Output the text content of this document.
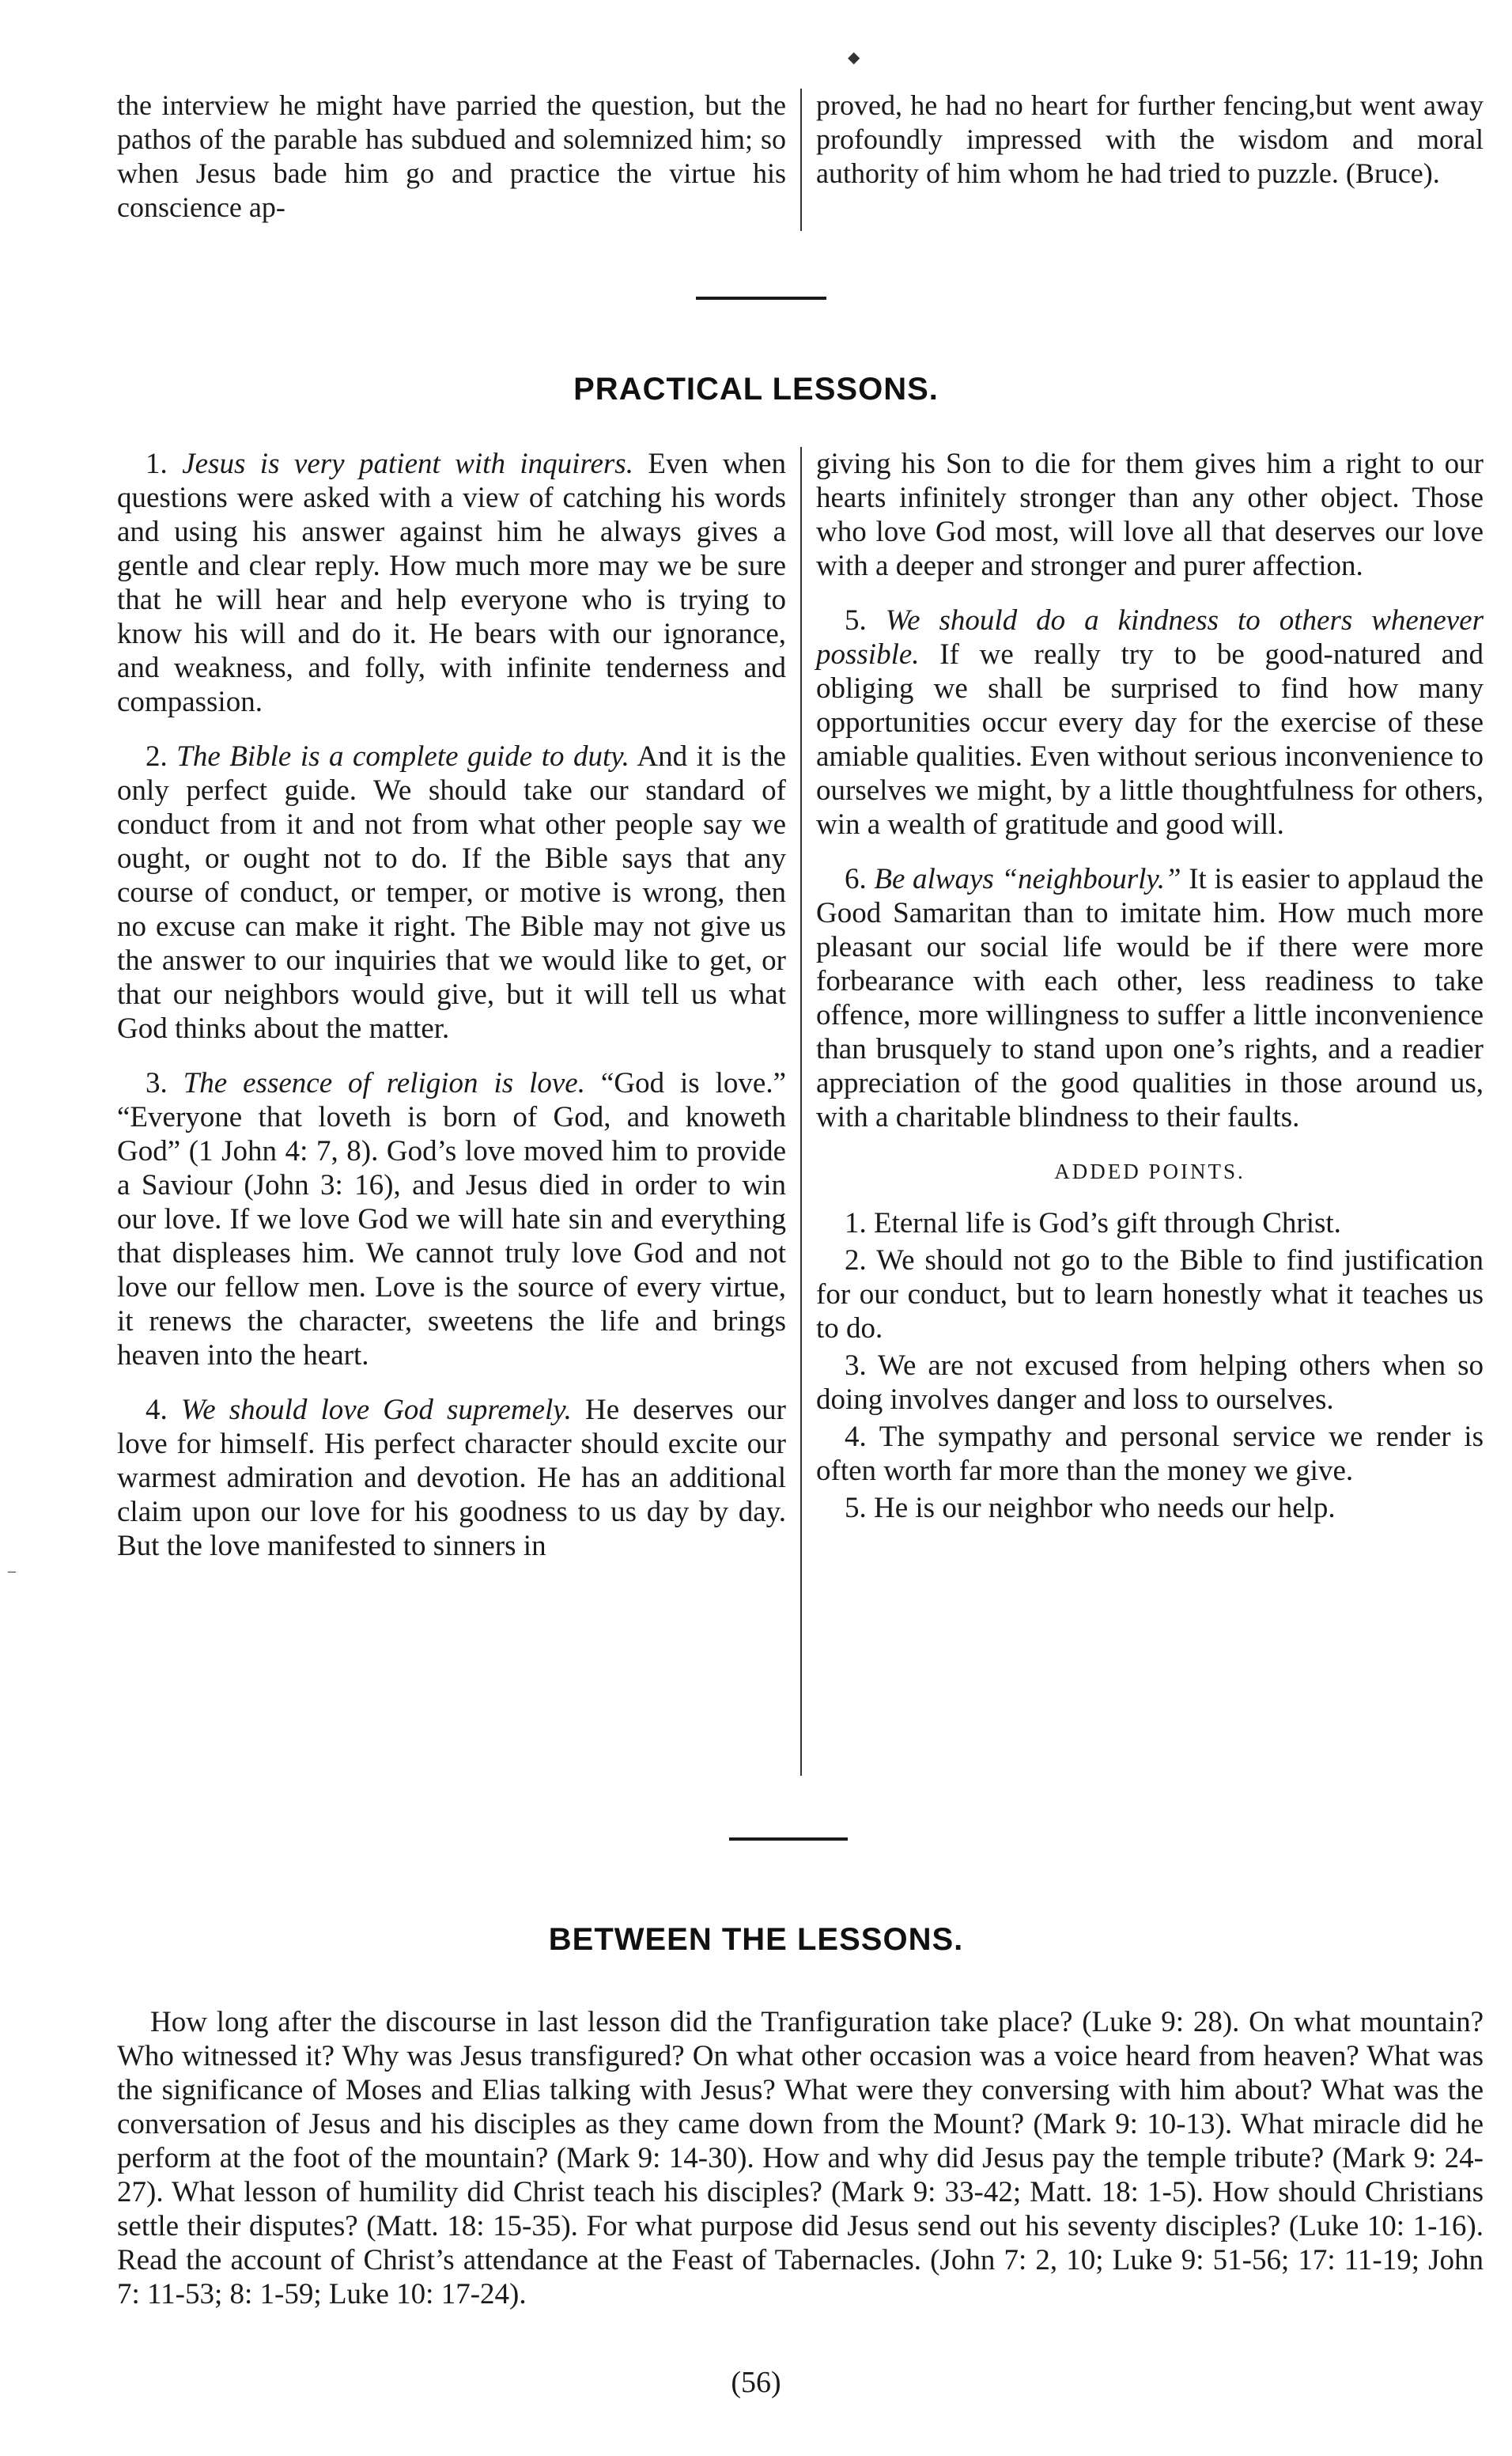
◆
–
the interview he might have parried the question, but the pathos of the parable has subdued and solemnized him; so when Jesus bade him go and practice the virtue his conscience ap-
proved, he had no heart for further fencing,but went away profoundly impressed with the wisdom and moral authority of him whom he had tried to puzzle. (Bruce).
PRACTICAL LESSONS.

1. Jesus is very patient with inquirers. Even when questions were asked with a view of catching his words and using his answer against him he always gives a gentle and clear reply. How much more may we be sure that he will hear and help everyone who is trying to know his will and do it. He bears with our ignorance, and weakness, and folly, with infinite tenderness and compassion.

2. The Bible is a complete guide to duty. And it is the only perfect guide. We should take our standard of conduct from it and not from what other people say we ought, or ought not to do. If the Bible says that any course of conduct, or temper, or motive is wrong, then no excuse can make it right. The Bible may not give us the answer to our inquiries that we would like to get, or that our neighbors would give, but it will tell us what God thinks about the matter.

3. The essence of religion is love. “God is love.” “Everyone that loveth is born of God, and knoweth God” (1 John 4: 7, 8). God’s love moved him to provide a Saviour (John 3: 16), and Jesus died in order to win our love. If we love God we will hate sin and everything that displeases him. We cannot truly love God and not love our fellow men. Love is the source of every virtue, it renews the character, sweetens the life and brings heaven into the heart.

4. We should love God supremely. He deserves our love for himself. His perfect character should excite our warmest admiration and devotion. He has an additional claim upon our love for his goodness to us day by day. But the love manifested to sinners in

giving his Son to die for them gives him a right to our hearts infinitely stronger than any other object. Those who love God most, will love all that deserves our love with a deeper and stronger and purer affection.

5. We should do a kindness to others whenever possible. If we really try to be good-natured and obliging we shall be surprised to find how many opportunities occur every day for the exercise of these amiable qualities. Even without serious inconvenience to ourselves we might, by a little thoughtfulness for others, win a wealth of gratitude and good will.

6. Be always “neighbourly.” It is easier to applaud the Good Samaritan than to imitate him. How much more pleasant our social life would be if there were more forbearance with each other, less readiness to take offence, more willingness to suffer a little inconvenience than brusquely to stand upon one’s rights, and a readier appreciation of the good qualities in those around us, with a charitable blindness to their faults.

ADDED POINTS.

1. Eternal life is God’s gift through Christ.

2. We should not go to the Bible to find justification for our conduct, but to learn honestly what it teaches us to do.

3. We are not excused from helping others when so doing involves danger and loss to ourselves.

4. The sympathy and personal service we render is often worth far more than the money we give.

5. He is our neighbor who needs our help.

BETWEEN THE LESSONS.
How long after the discourse in last lesson did the Tranfiguration take place? (Luke 9: 28). On what mountain? Who witnessed it? Why was Jesus transfigured? On what other occasion was a voice heard from heaven? What was the significance of Moses and Elias talking with Jesus? What were they conversing with him about? What was the conversation of Jesus and his disciples as they came down from the Mount? (Mark 9: 10-13). What miracle did he perform at the foot of the mountain? (Mark 9: 14-30). How and why did Jesus pay the temple tribute? (Mark 9: 24-27). What lesson of humility did Christ teach his disciples? (Mark 9: 33-42; Matt. 18: 1-5). How should Christians settle their disputes? (Matt. 18: 15-35). For what purpose did Jesus send out his seventy disciples? (Luke 10: 1-16). Read the account of Christ’s attendance at the Feast of Tabernacles. (John 7: 2, 10; Luke 9: 51-56; 17: 11-19; John 7: 11-53; 8: 1-59; Luke 10: 17-24).
(56)
